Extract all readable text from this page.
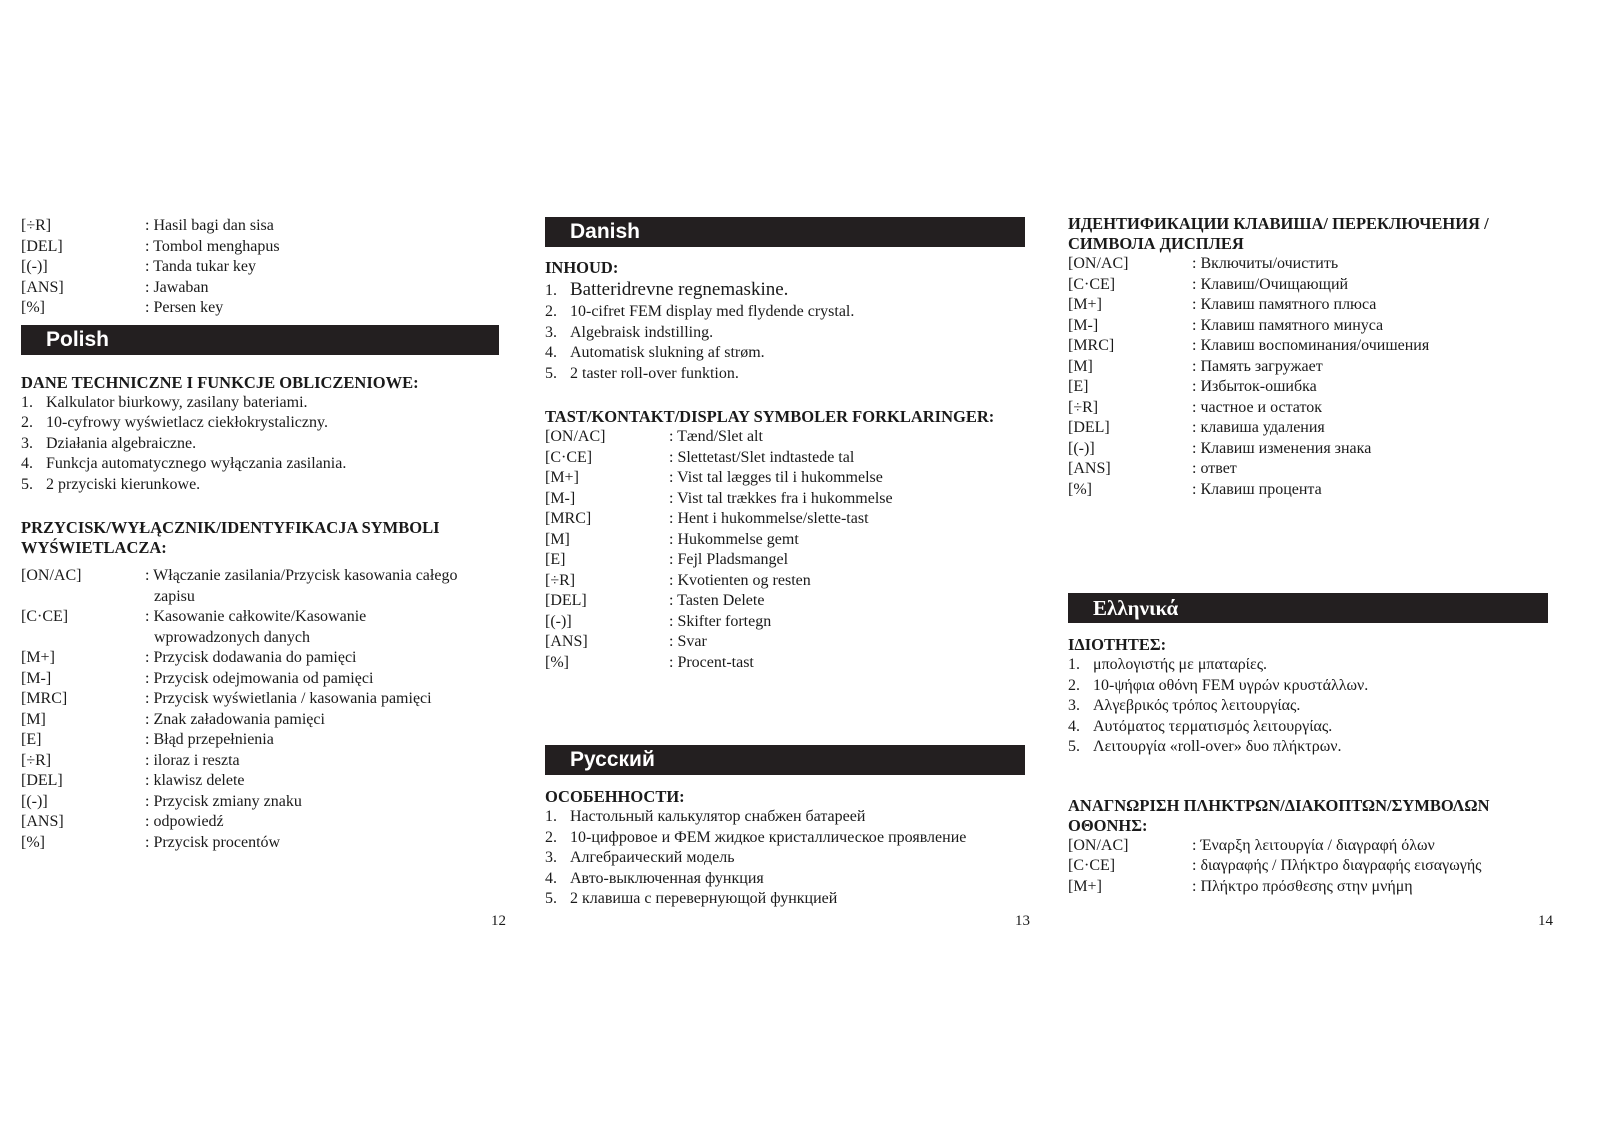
[÷R]	: Hasil bagi dan sisa
[DEL]	: Tombol menghapus
[(-)]	: Tanda tukar key
[ANS]	: Jawaban
[%]	: Persen key
Polish
DANE TECHNICZNE I FUNKCJE OBLICZENIOWE:
1. Kalkulator biurkowy, zasilany bateriami.
2. 10-cyfrowy wyświetlacz ciekłokrystaliczny.
3. Działania algebraiczne.
4. Funkcja automatycznego wyłączania zasilania.
5. 2 przyciski kierunkowe.
PRZYCISK/WYŁĄCZNIK/IDENTYFIKACJA SYMBOLI WYŚWIETLACZA:
[ON/AC]	: Włączanie zasilania/Przycisk kasowania całego zapisu
[C·CE]	: Kasowanie całkowite/Kasowanie wprowadzonych danych
[M+]	: Przycisk dodawania do pamięci
[M-]	: Przycisk odejmowania od pamięci
[MRC]	: Przycisk wyświetlania / kasowania pamięci
[M]	: Znak załadowania pamięci
[E]	: Błąd przepełnienia
[÷R]	: iloraz i reszta
[DEL]	: klawisz delete
[(-)]	: Przycisk zmiany znaku
[ANS]	: odpowiedź
[%]	: Przycisk procentów
12
Danish
INHOUD:
1. Batteridrevne regnemaskine.
2. 10-cifret FEM display med flydende crystal.
3. Algebraisk indstilling.
4. Automatisk slukning af strøm.
5. 2 taster roll-over funktion.
TAST/KONTAKT/DISPLAY SYMBOLER FORKLARINGER:
[ON/AC]	: Tænd/Slet alt
[C·CE]	: Slettetast/Slet indtastede tal
[M+]	: Vist tal lægges til i hukommelse
[M-]	: Vist tal trækkes fra i hukommelse
[MRC]	: Hent i hukommelse/slette-tast
[M]	: Hukommelse gemt
[E]	: Fejl Pladsmangel
[÷R]	: Kvotienten og resten
[DEL]	: Tasten Delete
[(-)]	: Skifter fortegn
[ANS]	: Svar
[%]	: Procent-tast
Русский
ОСОБЕННОСТИ:
1. Настольный калькулятор снабжен батареей
2. 10-цифровое и ФЕМ жидкое кристаллическое проявление
3. Алгебраический модель
4. Авто-выключенная функция
5. 2 клавиша с перевернующой функцией
13
ИДЕНТИФИКАЦИИ КЛАВИША/ ПЕРЕКЛЮЧЕНИЯ /СИМВОЛА ДИСПЛЕЯ
[ON/AC]	: Включиты/очистить
[C·CE]	: Клавиш/Очищающий
[M+]	: Клавиш памятного плюса
[M-]	: Клавиш памятного минуса
[MRC]	: Клавиш воспоминания/очишения
[M]	: Память загружает
[E]	: Избыток-ошибка
[÷R]	: частное и остаток
[DEL]	: клавиша удаления
[(-)]	: Клавиш изменения знака
[ANS]	: ответ
[%]	: Клавиш процента
Ελληνικά
ΙΔΙΟΤΗΤΕΣ:
1. μπολογιστής με μπαταρίες.
2. 10-ψήφια οθόνη FEM υγρών κρυστάλλων.
3. Αλγεβρικός τρόπος λειτουργίας.
4. Αυτόματος τερματισμός λειτουργίας.
5. Λειτουργία «roll-over» δυο πλήκτρων.
ΑΝΑΓΝΩΡΙΣΗ ΠΛΗΚΤΡΩΝ/ΔΙΑΚΟΠΤΩΝ/ΣΥΜΒΟΛΩΝ ΟΘΟΝΗΣ:
[ON/AC]	: Έναρξη λειτουργία / διαγραφή όλων
[C·CE]	: διαγραφής / Πλήκτρο διαγραφής εισαγωγής
[M+]	: Πλήκτρο πρόσθεσης στην μνήμη
14
